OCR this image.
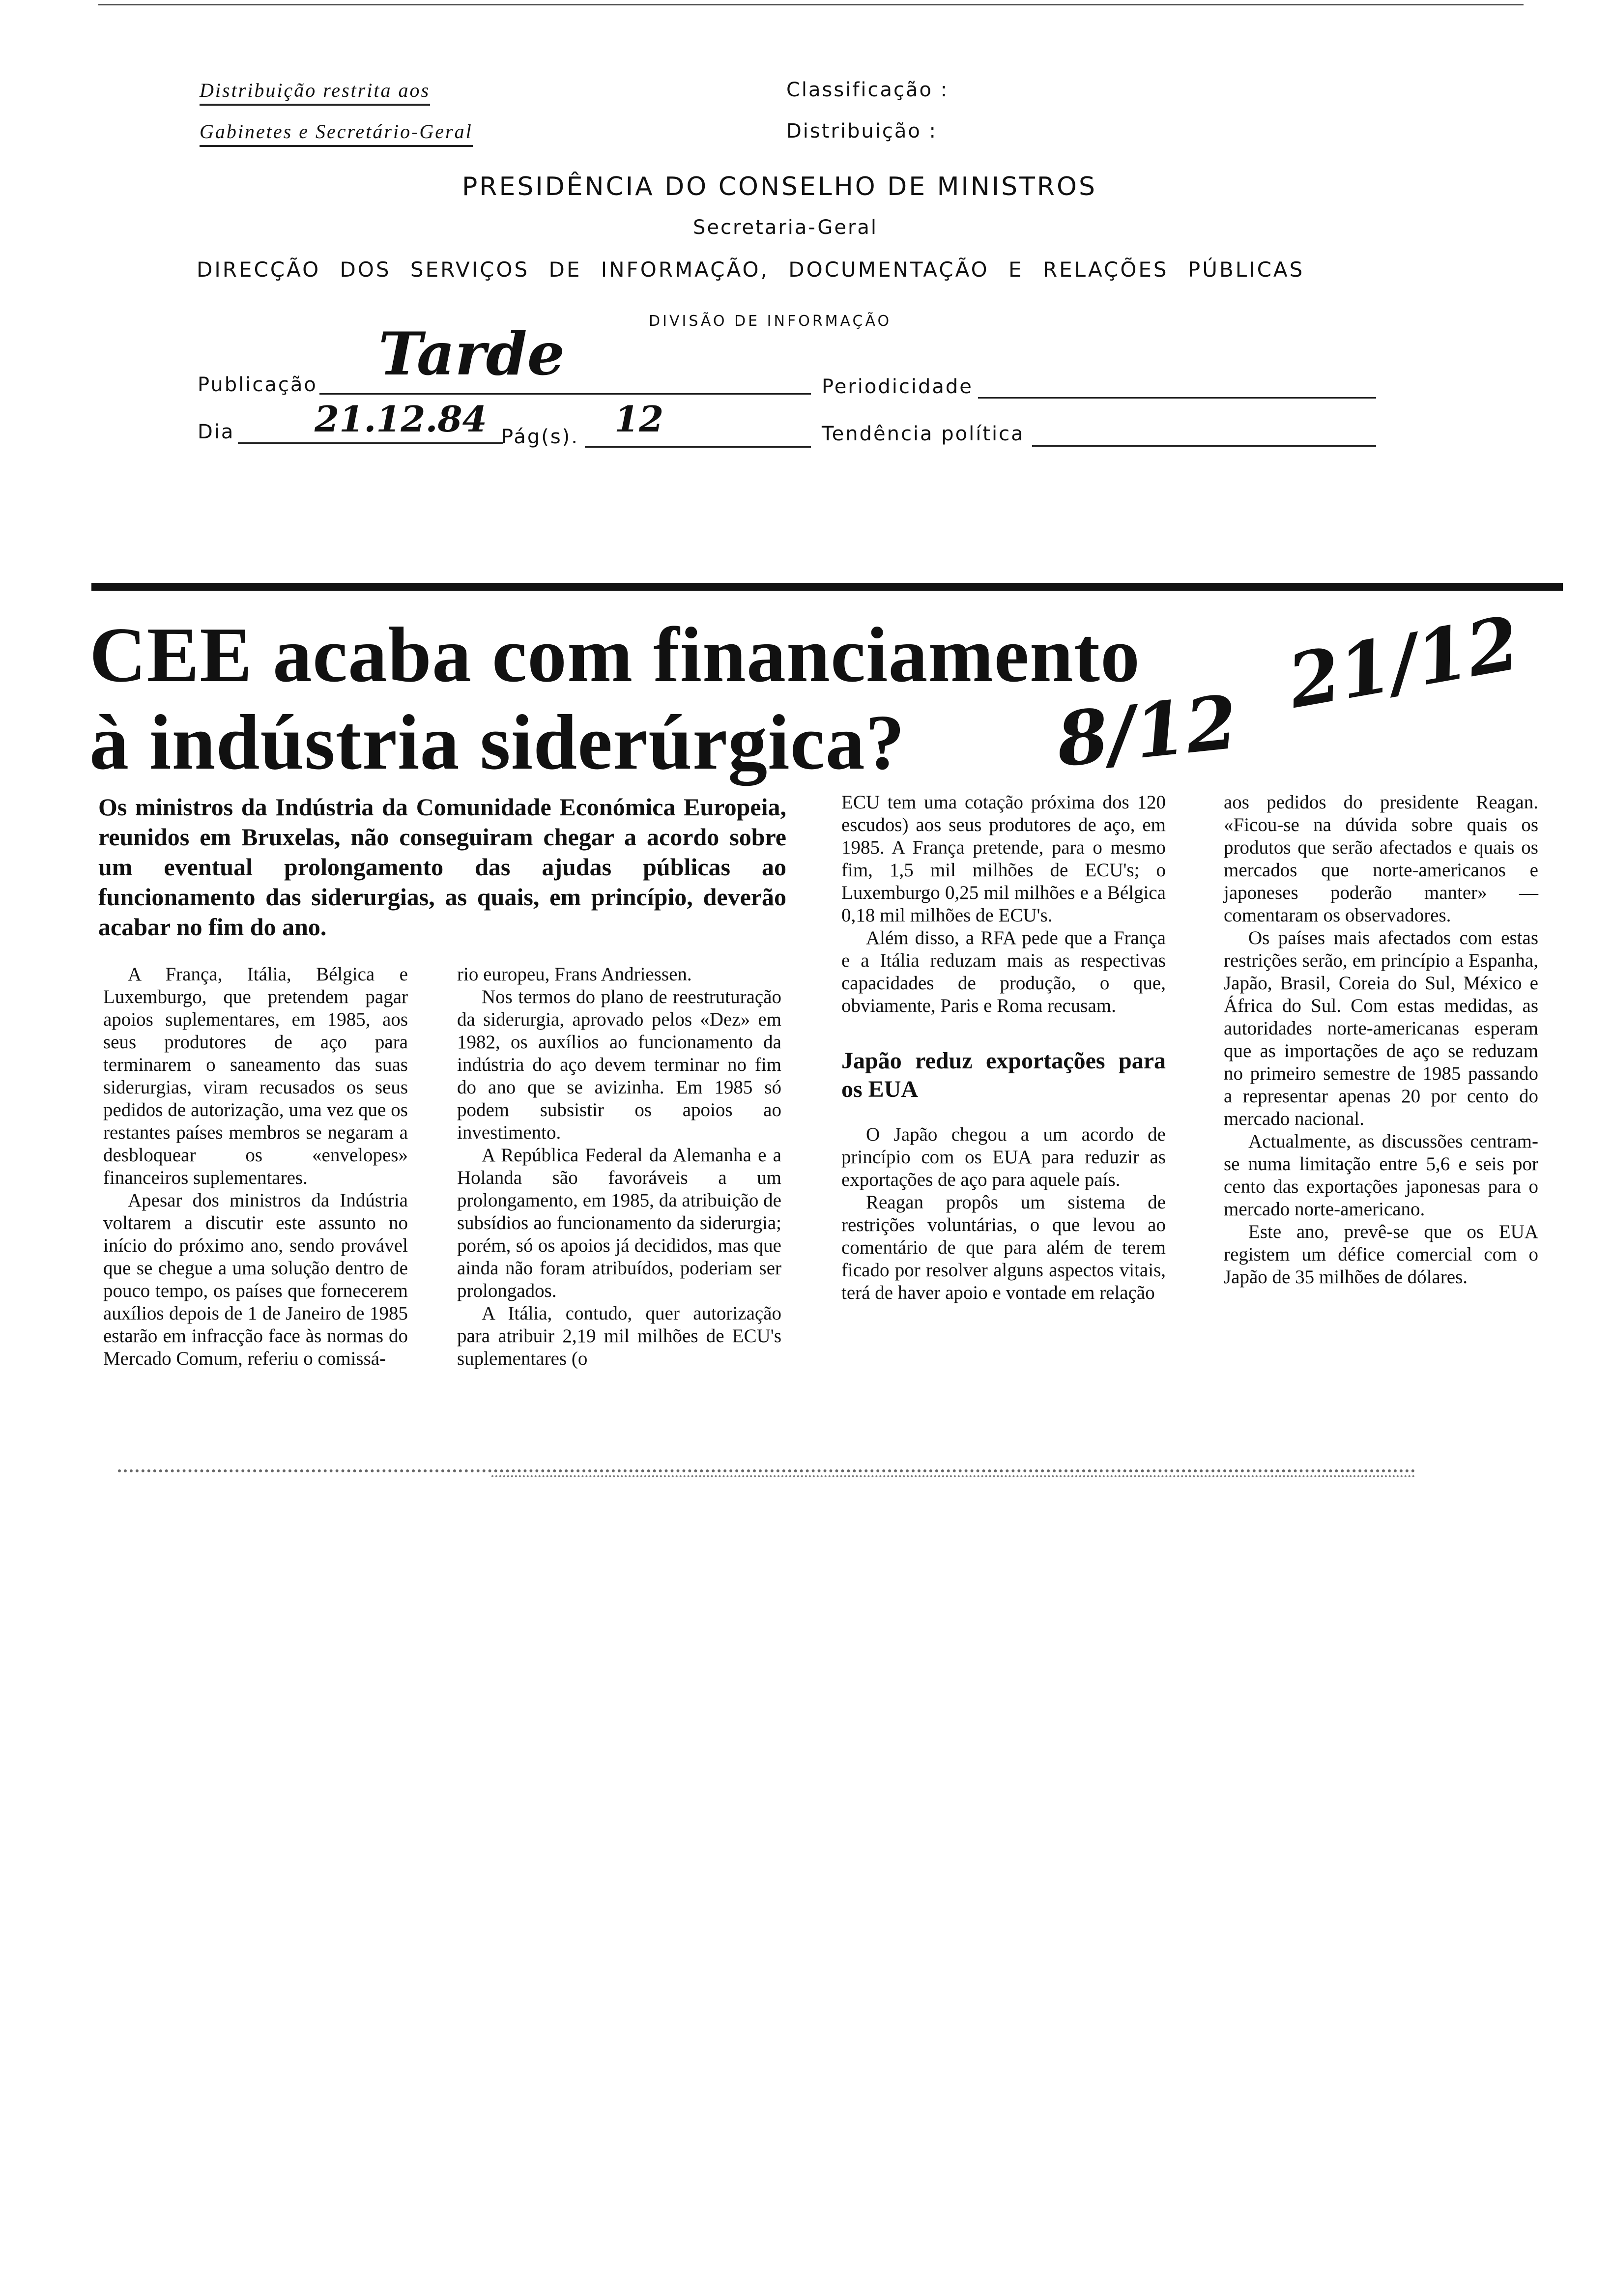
Distribuição restrita aos
Gabinetes e Secretário-Geral
Classificação :
Distribuição :
PRESIDÊNCIA DO CONSELHO DE MINISTROS
Secretaria-Geral
DIRECÇÃO DOS SERVIÇOS DE INFORMAÇÃO, DOCUMENTAÇÃO E RELAÇÕES PÚBLICAS
DIVISÃO DE INFORMAÇÃO
Publicação Tarde	Periodicidade
Dia 21.12.84 Pág(s). 12	Tendência política
CEE acaba com financiamento
à indústria siderúrgica? 8/12
21/12
Os ministros da Indústria da Comunidade Económica Europeia, reunidos em Bruxelas, não conseguiram chegar a acordo sobre um eventual prolongamento das ajudas públicas ao funcionamento das siderurgias, as quais, em princípio, deverão acabar no fim do ano.

A França, Itália, Bélgica e Luxemburgo, que pretendem pagar apoios suplementares, em 1985, aos seus produtores de aço para terminarem o saneamento das suas siderurgias, viram recusados os seus pedidos de autorização, uma vez que os restantes países membros se negaram a desbloquear os «envelopes» financeiros suplementares.

Apesar dos ministros da Indústria voltarem a discutir este assunto no início do próximo ano, sendo provável que se chegue a uma solução dentro de pouco tempo, os países que fornecerem auxílios depois de 1 de Janeiro de 1985 estarão em infracção face às normas do Mercado Comum, referiu o comissá-

rio europeu, Frans Andriessen.

Nos termos do plano de reestruturação da siderurgia, aprovado pelos «Dez» em 1982, os auxílios ao funcionamento da indústria do aço devem terminar no fim do ano que se avizinha. Em 1985 só podem subsistir os apoios ao investimento.

A República Federal da Alemanha e a Holanda são favoráveis a um prolongamento, em 1985, da atribuição de subsídios ao funcionamento da siderurgia; porém, só os apoios já decididos, mas que ainda não foram atribuídos, poderiam ser prolongados.

A Itália, contudo, quer autorização para atribuir 2,19 mil milhões de ECU's suplementares (o

ECU tem uma cotação próxima dos 120 escudos) aos seus produtores de aço, em 1985. A França pretende, para o mesmo fim, 1,5 mil milhões de ECU's; o Luxemburgo 0,25 mil milhões e a Bélgica 0,18 mil milhões de ECU's.

Além disso, a RFA pede que a França e a Itália reduzam mais as respectivas capacidades de produção, o que, obviamente, Paris e Roma recusam.

Japão reduz exportações para os EUA

O Japão chegou a um acordo de princípio com os EUA para reduzir as exportações de aço para aquele país.

Reagan propôs um sistema de restrições voluntárias, o que levou ao comentário de que para além de terem ficado por resolver alguns aspectos vitais, terá de haver apoio e vontade em relação

aos pedidos do presidente Reagan. «Ficou-se na dúvida sobre quais os produtos que serão afectados e quais os mercados que norte-americanos e japoneses poderão manter» — comentaram os observadores.

Os países mais afectados com estas restrições serão, em princípio a Espanha, Japão, Brasil, Coreia do Sul, México e África do Sul. Com estas medidas, as autoridades norte-americanas esperam que as importações de aço se reduzam no primeiro semestre de 1985 passando a representar apenas 20 por cento do mercado nacional.

Actualmente, as discussões centram-se numa limitação entre 5,6 e seis por cento das exportações japonesas para o mercado norte-americano.

Este ano, prevê-se que os EUA registem um défice comercial com o Japão de 35 milhões de dólares.
